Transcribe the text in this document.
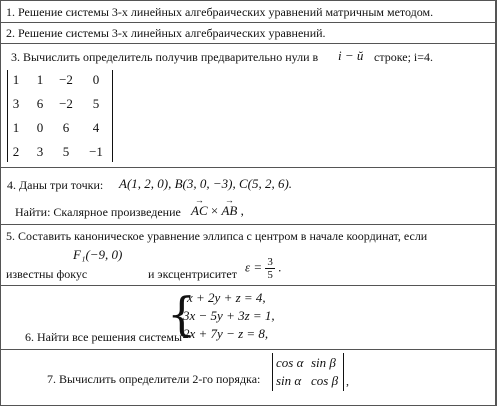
1. Решение системы 3-х линейных алгебраических уравнений матричным методом.
2. Решение системы 3-х линейных алгебраических уравнений.
3. Вычислить определитель получив предварительно нули в i − ŭ строке; i=4.
1	1	−2	0
3	6	−2	5
1	0	6	4
2	3	5	−1
4. Даны три точки: A(1, 2, 0), B(3, 0, −3), C(5, 2, 6).
Найти: Скалярное произведение
→ AC × → AB ,
5. Составить каноническое уравнение эллипса с центром в начале координат, если
F₁(−9, 0)
известны фокус	и эксцентриситет $\varepsilon = \frac{3}{5}$ .
{
x + 2y + z = 4,
3x − 5y + 3z = 1,
2x + 7y − z = 8,
6. Найти все решения системы
7. Вычислить определители 2-го порядка:
cos α sin β
sin α cos β ,
